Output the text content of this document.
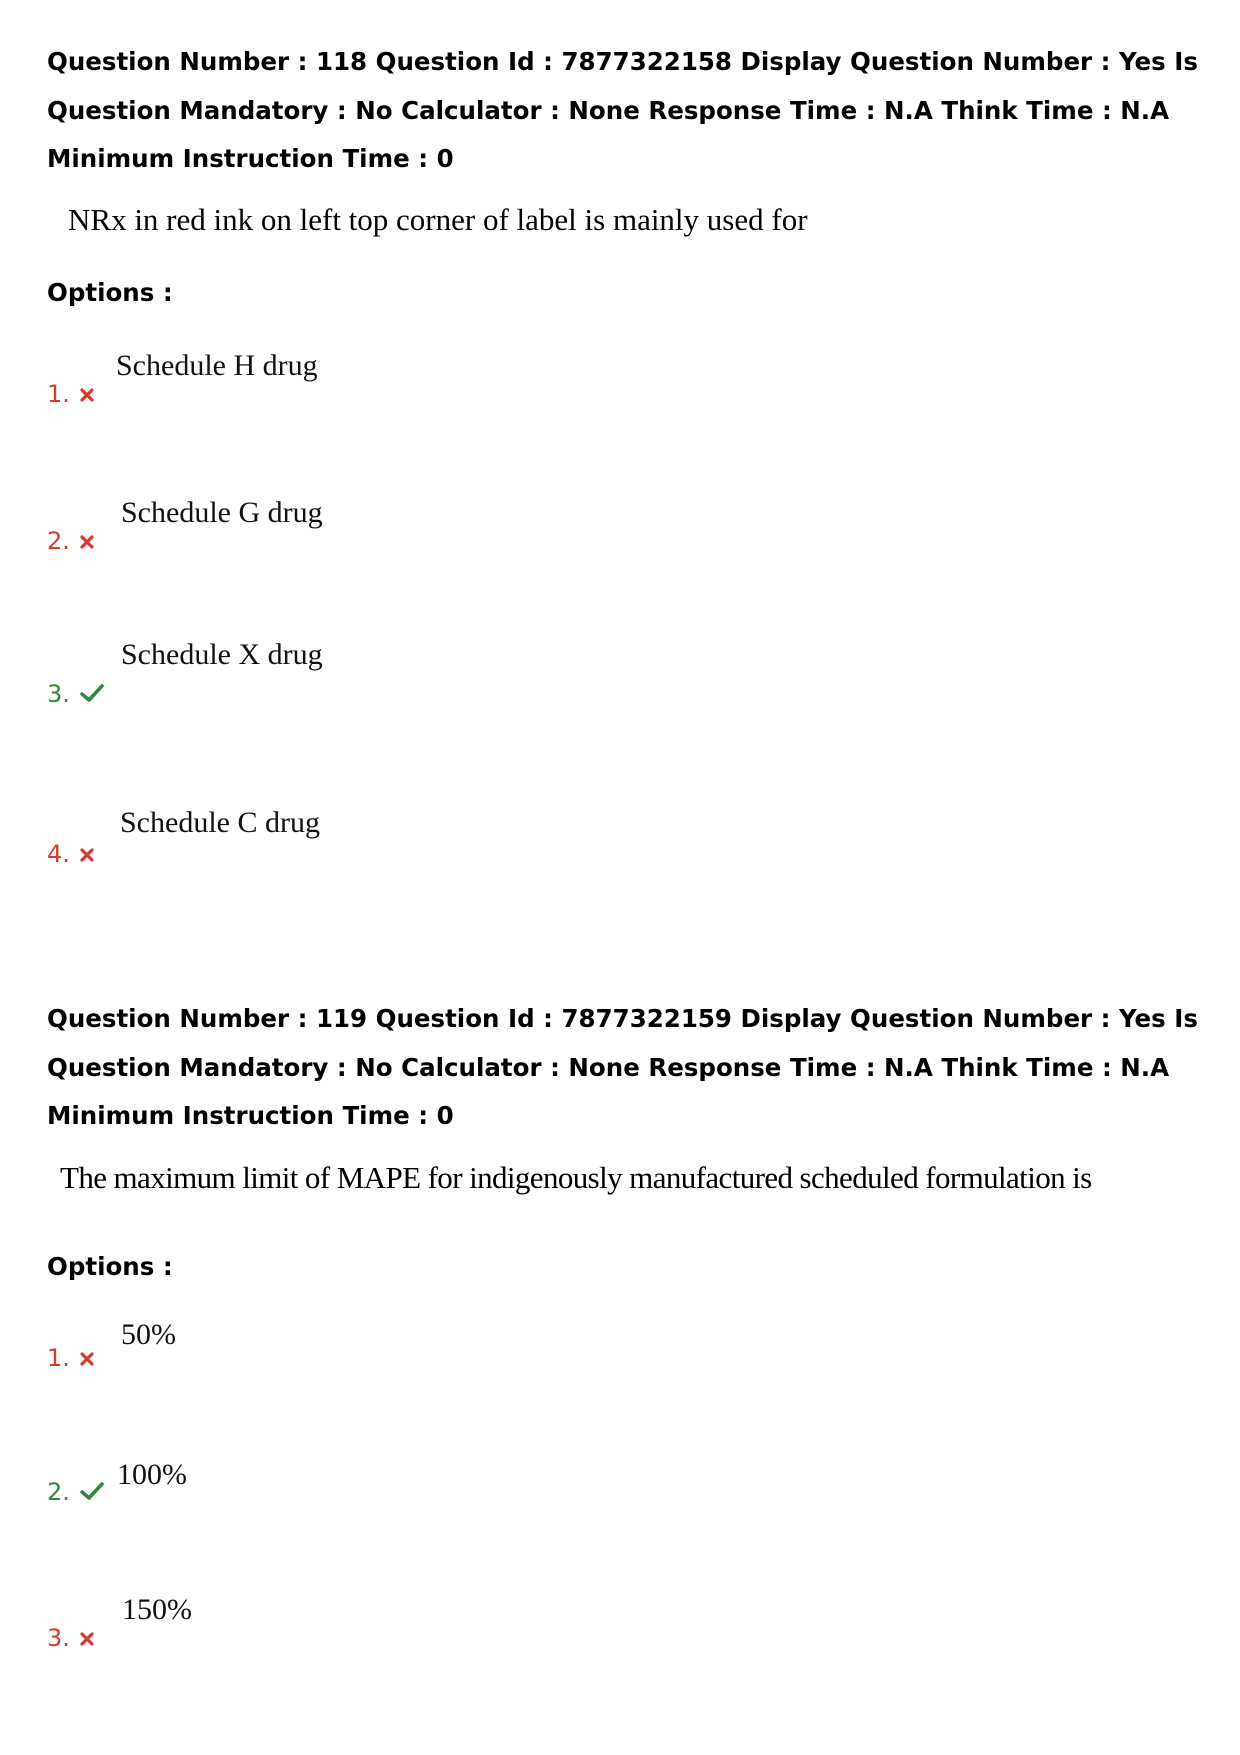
Question Number : 118 Question Id : 7877322158 Display Question Number : Yes Is Question Mandatory : No Calculator : None Response Time : N.A Think Time : N.A Minimum Instruction Time : 0
NRx in red ink on left top corner of label is mainly used for
Options :
1.
Schedule H drug
2.
Schedule G drug
3.
Schedule X drug
4.
Schedule C drug
Question Number : 119 Question Id : 7877322159 Display Question Number : Yes Is Question Mandatory : No Calculator : None Response Time : N.A Think Time : N.A Minimum Instruction Time : 0
The maximum limit of MAPE for indigenously manufactured scheduled formulation is
Options :
1.
50%
2.
100%
3.
150%
